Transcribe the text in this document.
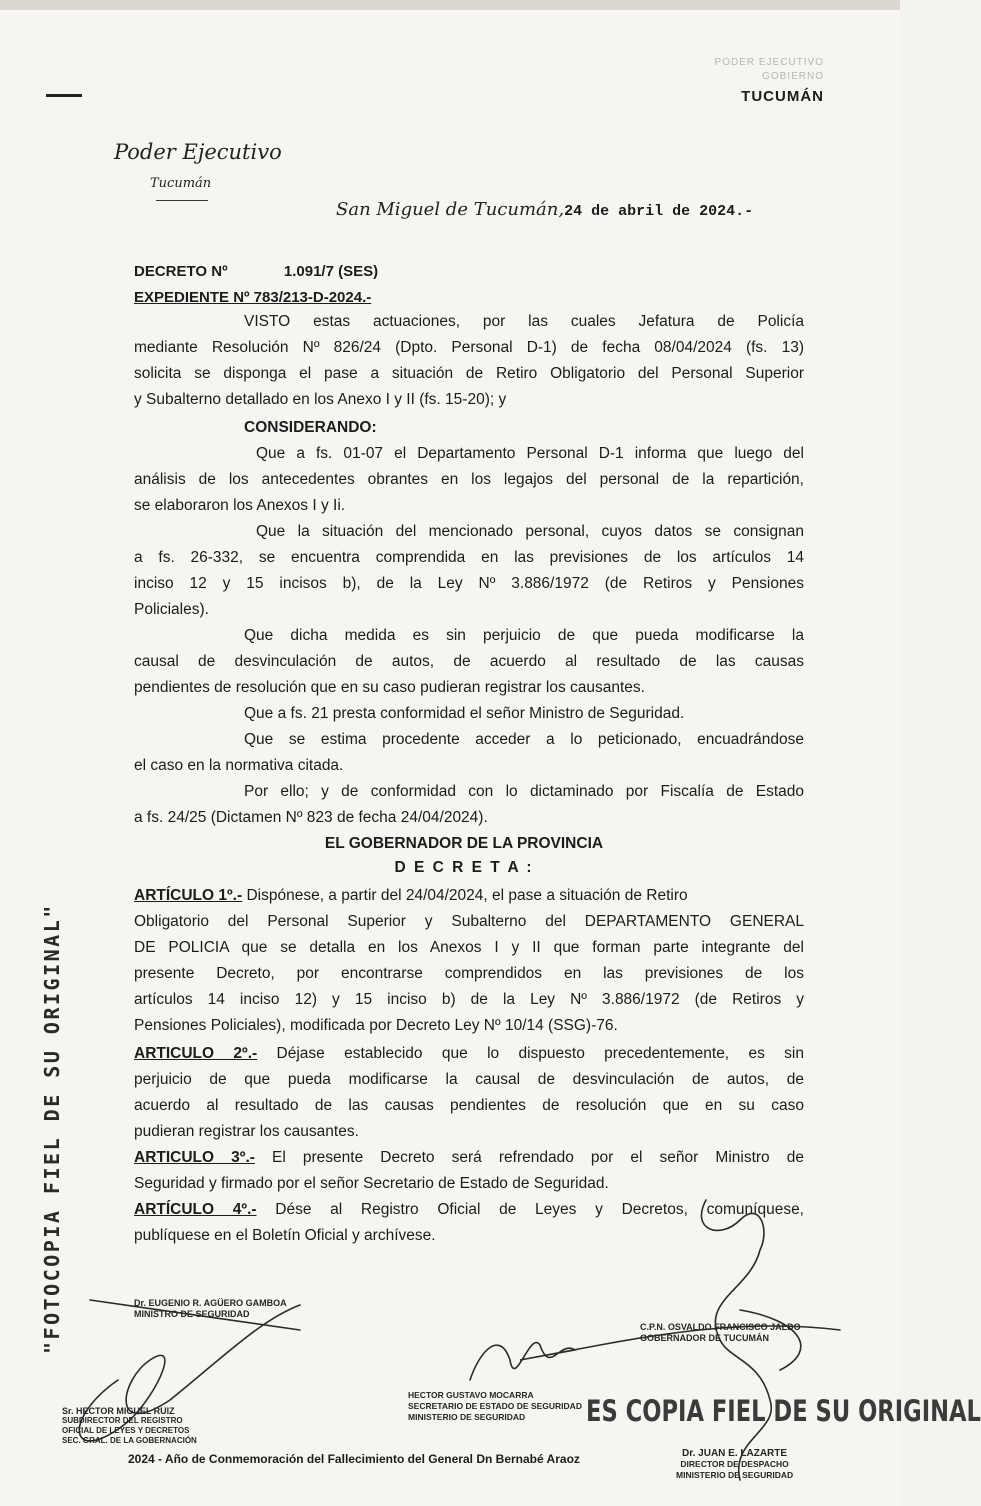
PODER EJECUTIVO
GOBIERNO
TUCUMÁN
Poder Ejecutivo
Tucumán
San Miguel de Tucumán,24 de abril de 2024.-
DECRETO Nº	1.091/7 (SES)
EXPEDIENTE Nº 783/213-D-2024.-
VISTO estas actuaciones, por las cuales Jefatura de Policía
mediante Resolución Nº 826/24 (Dpto. Personal D-1) de fecha 08/04/2024 (fs. 13)
solicita se disponga el pase a situación de Retiro Obligatorio del Personal Superior
y Subalterno detallado en los Anexo I y II (fs. 15-20); y
CONSIDERANDO:
Que a fs. 01-07 el Departamento Personal D-1 informa que luego del
análisis de los antecedentes obrantes en los legajos del personal de la repartición,
se elaboraron los Anexos I y Ii.
Que la situación del mencionado personal, cuyos datos se consignan
a fs. 26-332, se encuentra comprendida en las previsiones de los artículos 14
inciso 12 y 15 incisos b), de la Ley Nº 3.886/1972 (de Retiros y Pensiones
Policiales).
Que dicha medida es sin perjuicio de que pueda modificarse la
causal de desvinculación de autos, de acuerdo al resultado de las causas
pendientes de resolución que en su caso pudieran registrar los causantes.
Que a fs. 21 presta conformidad el señor Ministro de Seguridad.
Que se estima procedente acceder a lo peticionado, encuadrándose
el caso en la normativa citada.
Por ello; y de conformidad con lo dictaminado por Fiscalía de Estado
a fs. 24/25 (Dictamen Nº 823 de fecha 24/04/2024).
EL GOBERNADOR DE LA PROVINCIA
D E C R E T A :
ARTÍCULO 1º.- Dispónese, a partir del 24/04/2024, el pase a situación de Retiro
Obligatorio del Personal Superior y Subalterno del DEPARTAMENTO GENERAL
DE POLICIA que se detalla en los Anexos I y II que forman parte integrante del
presente Decreto, por encontrarse comprendidos en las previsiones de los
artículos 14 inciso 12) y 15 inciso b) de la Ley Nº 3.886/1972 (de Retiros y
Pensiones Policiales), modificada por Decreto Ley Nº 10/14 (SSG)-76.
ARTICULO 2º.- Déjase establecido que lo dispuesto precedentemente, es sin
perjuicio de que pueda modificarse la causal de desvinculación de autos, de
acuerdo al resultado de las causas pendientes de resolución que en su caso
pudieran registrar los causantes.
ARTICULO 3º.- El presente Decreto será refrendado por el señor Ministro de
Seguridad y firmado por el señor Secretario de Estado de Seguridad.
ARTÍCULO 4º.- Dése al Registro Oficial de Leyes y Decretos, comuníquese,
publíquese en el Boletín Oficial y archívese.
"FOTOCOPIA FIEL DE SU ORIGINAL"	Dr. EUGENIO R. AGÜERO GAMBOA
MINISTRO DE SEGURIDAD
C.P.N. OSVALDO FRANCISCO JALDO
GOBERNADOR DE TUCUMÁN
Sr. HECTOR MIGUEL RUIZ
SUBDIRECTOR DEL REGISTRO
OFICIAL DE LEYES Y DECRETOS
SEC. GRAL. DE LA GOBERNACIÓN
HECTOR GUSTAVO MOCARRA
SECRETARIO DE ESTADO DE SEGURIDAD
MINISTERIO DE SEGURIDAD	ES COPIA FIEL DE SU ORIGINAL
Dr. JUAN E. LAZARTE
DIRECTOR DE DESPACHO
MINISTERIO DE SEGURIDAD
2024 - Año de Conmemoración del Fallecimiento del General Dn Bernabé Araoz
